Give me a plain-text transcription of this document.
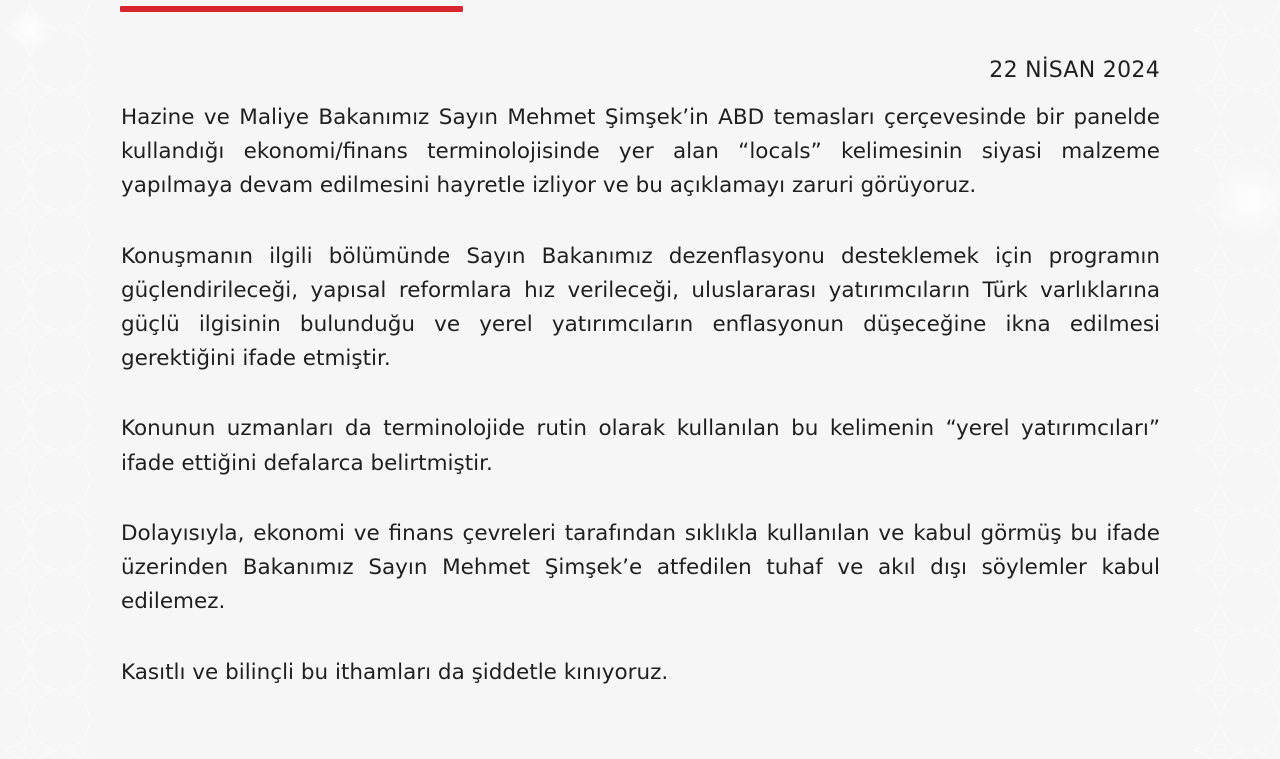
22 NİSAN 2024

Hazine ve Maliye Bakanımız Sayın Mehmet Şimşek’in ABD temasları çerçevesinde bir panelde kullandığı ekonomi/finans terminolojisinde yer alan “locals” kelimesinin siyasi malzeme yapılmaya devam edilmesini hayretle izliyor ve bu açıklamayı zaruri görüyoruz.

Konuşmanın ilgili bölümünde Sayın Bakanımız dezenflasyonu desteklemek için programın güçlendirileceği, yapısal reformlara hız verileceği, uluslararası yatırımcıların Türk varlıklarına güçlü ilgisinin bulunduğu ve yerel yatırımcıların enflasyonun düşeceğine ikna edilmesi gerektiğini ifade etmiştir.

Konunun uzmanları da terminolojide rutin olarak kullanılan bu kelimenin “yerel yatırımcıları” ifade ettiğini defalarca belirtmiştir.

Dolayısıyla, ekonomi ve finans çevreleri tarafından sıklıkla kullanılan ve kabul görmüş bu ifade üzerinden Bakanımız Sayın Mehmet Şimşek’e atfedilen tuhaf ve akıl dışı söylemler kabul edilemez.

Kasıtlı ve bilinçli bu ithamları da şiddetle kınıyoruz.
